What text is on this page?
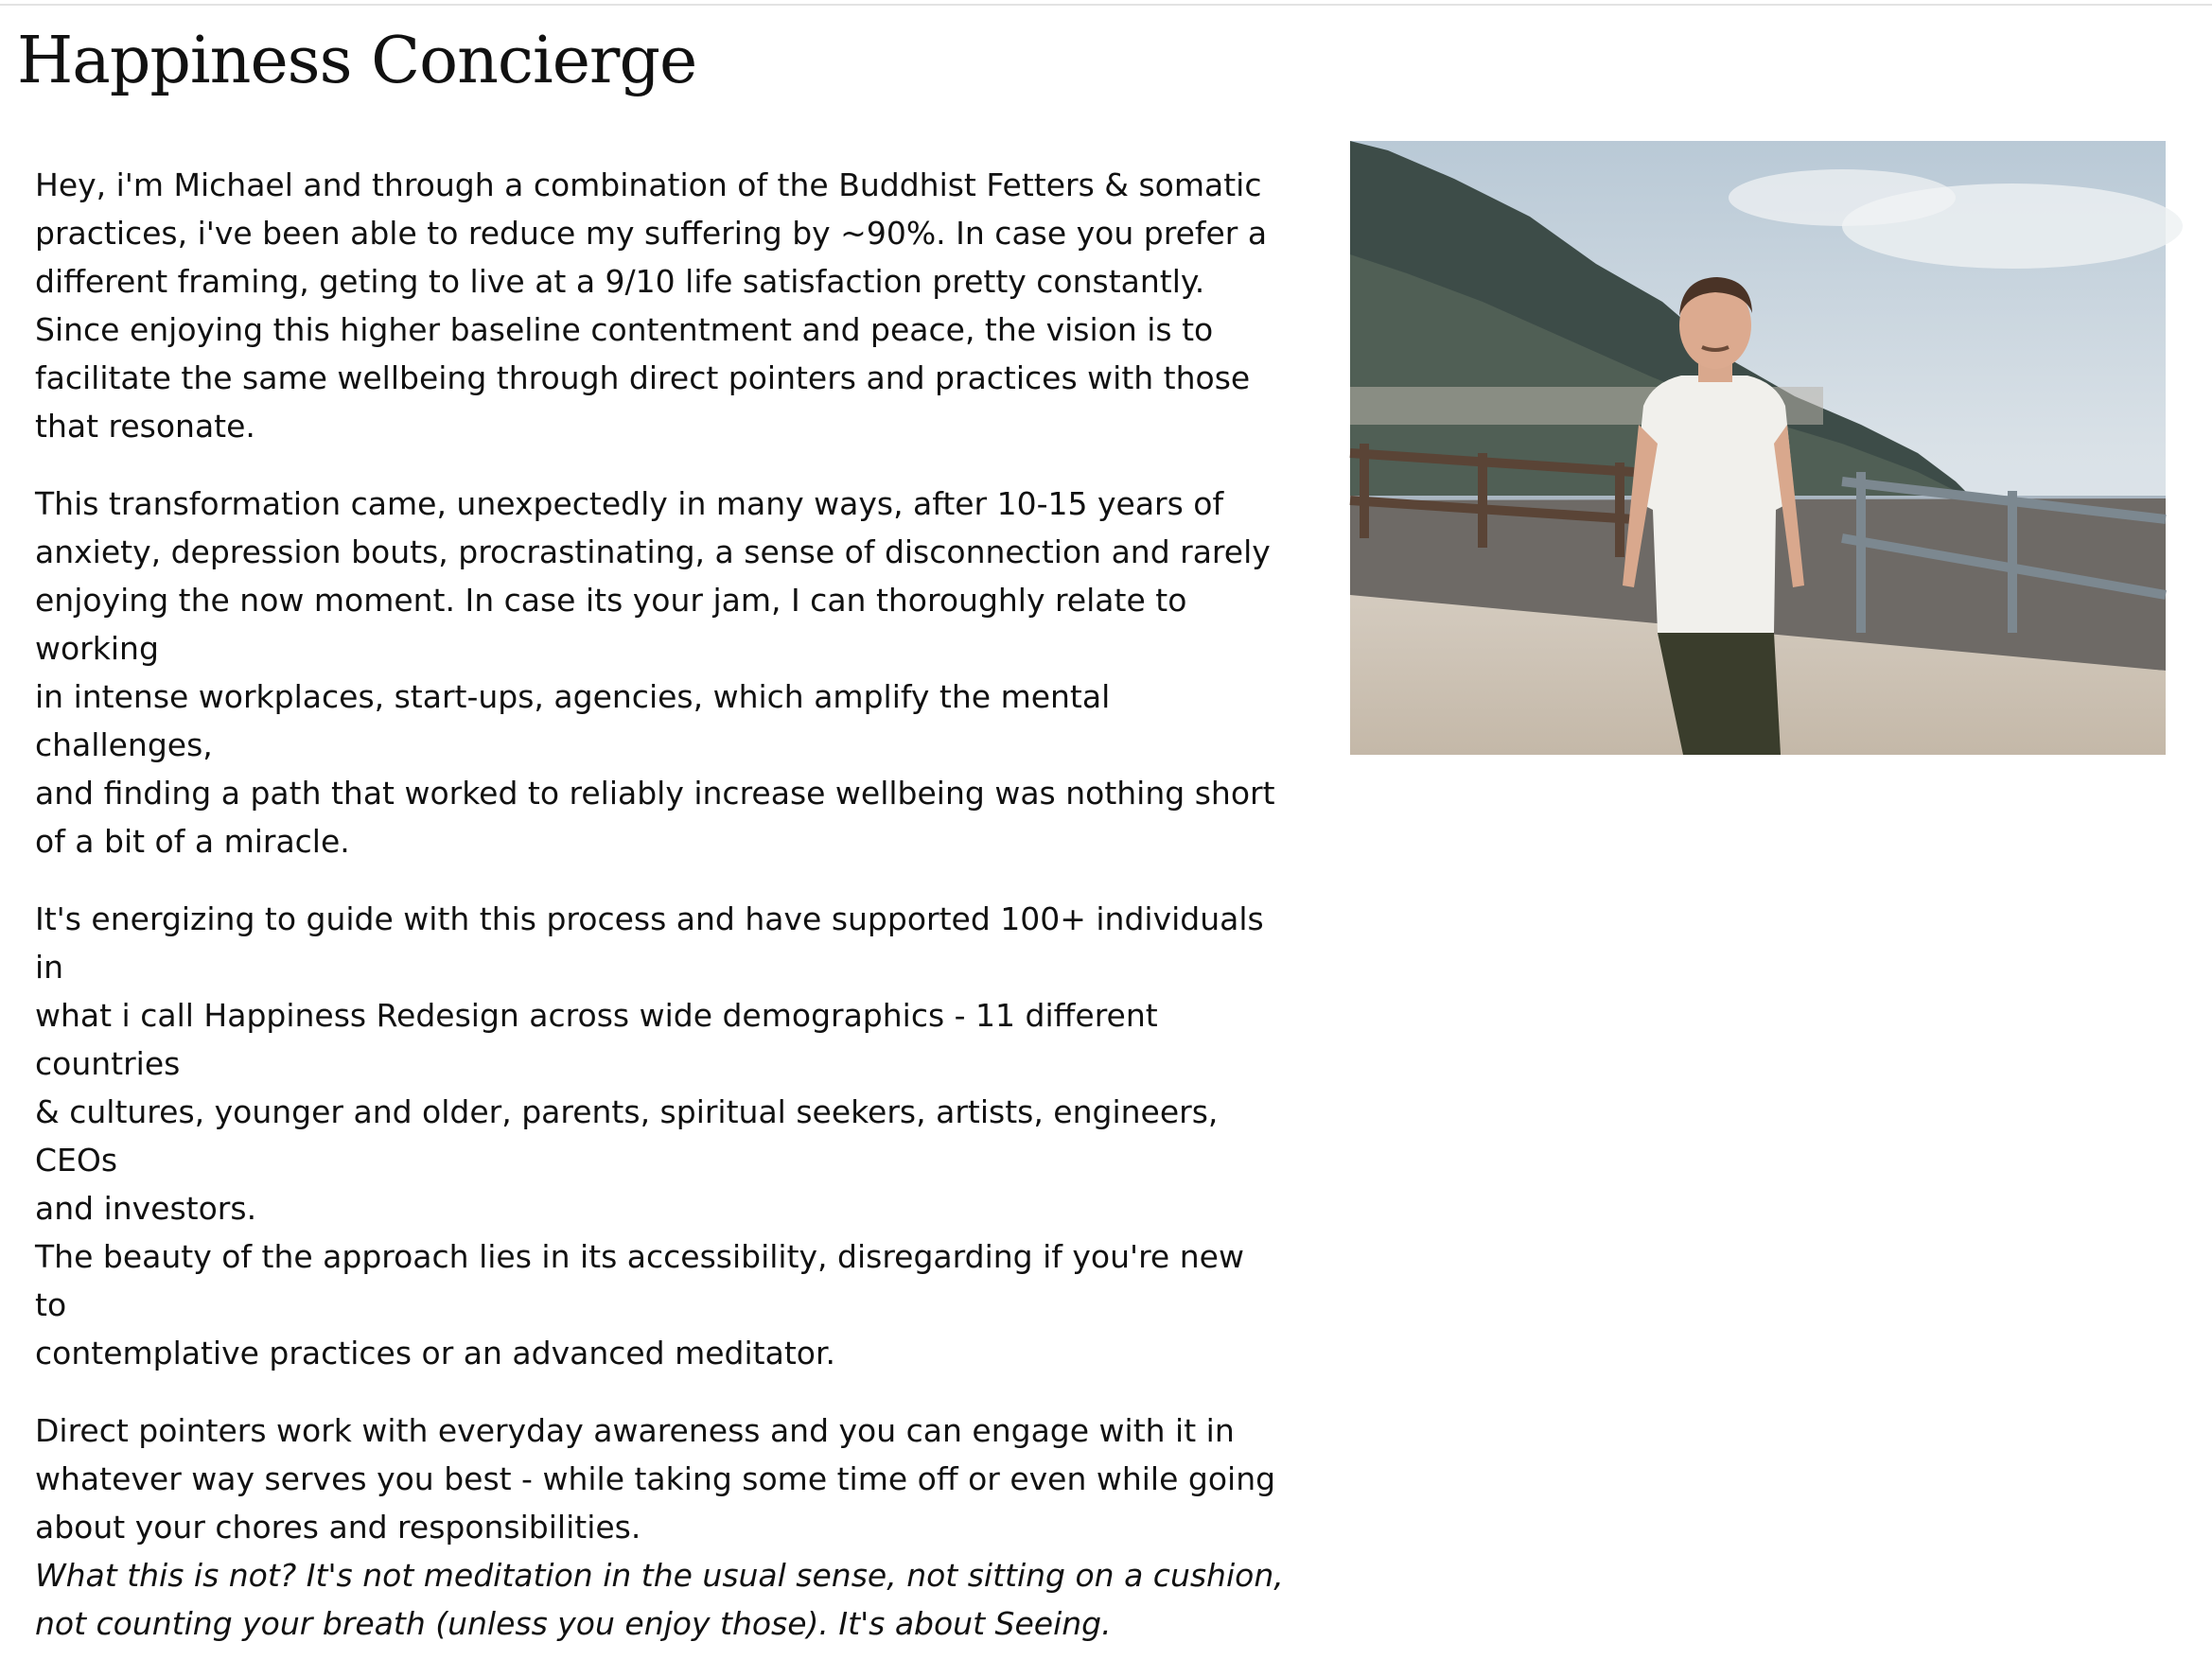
Happiness Concierge

Hey, i'm Michael and through a combination of the Buddhist Fetters & somatic
practices, i've been able to reduce my suffering by ~90%. In case you prefer a
different framing, geting to live at a 9/10 life satisfaction pretty constantly.
Since enjoying this higher baseline contentment and peace, the vision is to
facilitate the same wellbeing through direct pointers and practices with those
that resonate.

This transformation came, unexpectedly in many ways, after 10-15 years of
anxiety, depression bouts, procrastinating, a sense of disconnection and rarely
enjoying the now moment. In case its your jam, I can thoroughly relate to working
in intense workplaces, start-ups, agencies, which amplify the mental challenges,
and finding a path that worked to reliably increase wellbeing was nothing short
of a bit of a miracle.

It's energizing to guide with this process and have supported 100+ individuals in
what i call Happiness Redesign across wide demographics - 11 different countries
& cultures, younger and older, parents, spiritual seekers, artists, engineers, CEOs
and investors.
The beauty of the approach lies in its accessibility, disregarding if you're new to
contemplative practices or an advanced meditator.

Direct pointers work with everyday awareness and you can engage with it in
whatever way serves you best - while taking some time off or even while going
about your chores and responsibilities.
What this is not? It's not meditation in the usual sense, not sitting on a cushion, not counting your breath (unless you enjoy those). It's about Seeing.
